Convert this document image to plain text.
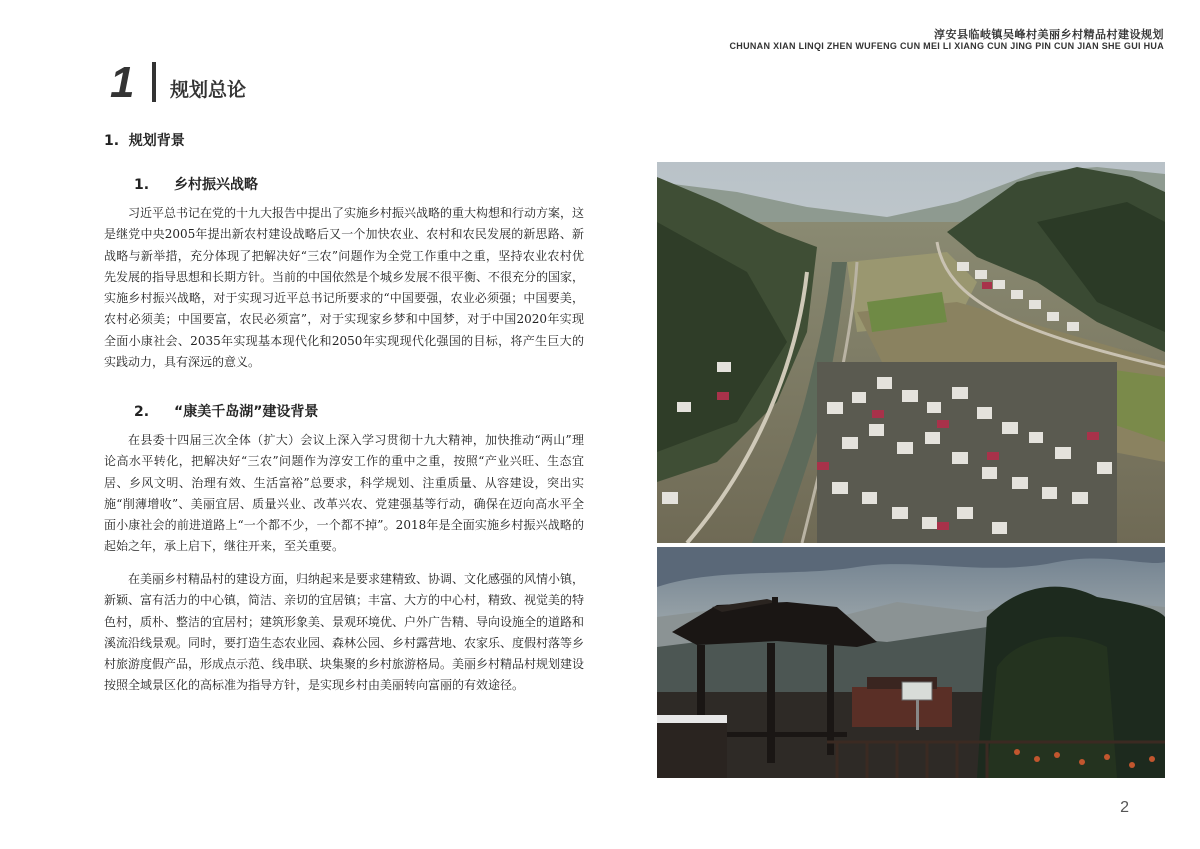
淳安县临岐镇吴峰村美丽乡村精品村建设规划
CHUNAN XIAN LINQI ZHEN WUFENG CUN MEI LI XIANG CUN JING PIN CUN JIAN SHE GUI HUA
1 规划总论
1.  规划背景
1. 乡村振兴战略

习近平总书记在党的十九大报告中提出了实施乡村振兴战略的重大构想和行动方案，这是继党中央2005年提出新农村建设战略后又一个加快农业、农村和农民发展的新思路、新战略与新举措，充分体现了把解决好“三农”问题作为全党工作重中之重，坚持农业农村优先发展的指导思想和长期方针。当前的中国依然是个城乡发展不很平衡、不很充分的国家，实施乡村振兴战略，对于实现习近平总书记所要求的“中国要强，农业必须强；中国要美，农村必须美；中国要富，农民必须富”，对于实现家乡梦和中国梦，对于中国2020年实现全面小康社会、2035年实现基本现代化和2050年实现现代化强国的目标，将产生巨大的实践动力，具有深远的意义。

2. “康美千岛湖”建设背景

在县委十四届三次全体（扩大）会议上深入学习贯彻十九大精神，加快推动“两山”理论高水平转化，把解决好“三农”问题作为淳安工作的重中之重，按照“产业兴旺、生态宜居、乡风文明、治理有效、生活富裕”总要求，科学规划、注重质量、从容建设，突出实施“削薄增收”、美丽宜居、质量兴业、改革兴农、党建强基等行动，确保在迈向高水平全面小康社会的前进道路上“一个都不少，一个都不掉”。2018年是全面实施乡村振兴战略的起始之年，承上启下，继往开来，至关重要。

在美丽乡村精品村的建设方面，归纳起来是要求建精致、协调、文化感强的风情小镇，新颖、富有活力的中心镇，简洁、亲切的宜居镇；丰富、大方的中心村，精致、视觉美的特色村，质朴、整洁的宜居村；建筑形象美、景观环境优、户外广告精、导向设施全的道路和溪流沿线景观。同时，要打造生态农业园、森林公园、乡村露营地、农家乐、度假村落等乡村旅游度假产品，形成点示范、线串联、块集聚的乡村旅游格局。美丽乡村精品村规划建设按照全域景区化的高标准为指导方针，是实现乡村由美丽转向富丽的有效途径。

2
